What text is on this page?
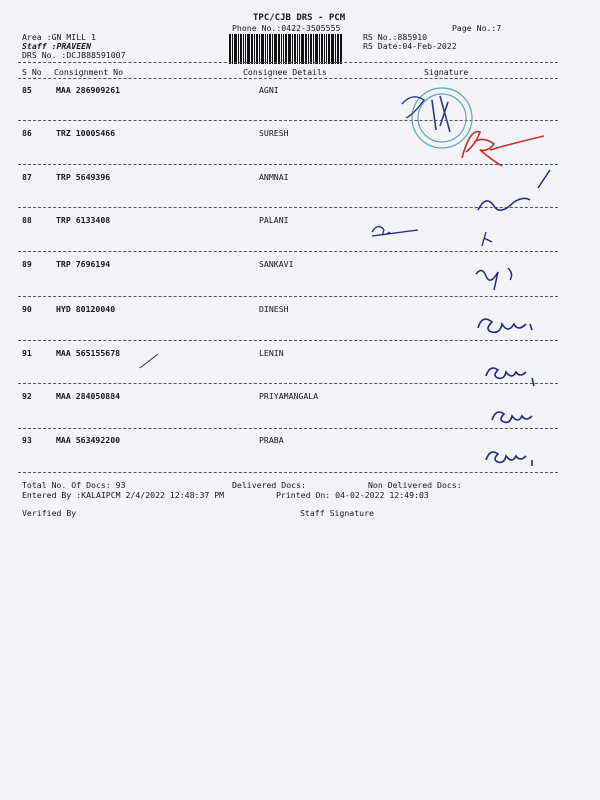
TPC/CJB DRS - PCM
Phone No.:0422-3505555	Page No.:7
Area :GN MILL 1
Staff :PRAVEEN
DRS No. :DCJB88591007
RS No.:885910
RS Date:04-Feb-2022
S No Consignment No	Consignee Details	Signature
85	MAA 286909261	AGNI
86	TRZ 10005466	SURESH
87	TRP 5649396	ANMNAI
88	TRP 6133408	PALANI
89	TRP 7696194	SANKAVI
90	HYD 80120040	DINESH
91	MAA 565155678	LENIN
92	MAA 284050884	PRIYAMANGALA
93	MAA 563492200	PRABA
Total No. Of Docs: 93	Delivered Docs:	Non Delivered Docs:
Entered By :KALAIPCM 2/4/2022 12:48:37 PM	Printed On: 04-02-2022 12:49:03
Verified By	Staff Signature
9994749788
9442709621
9003842713
